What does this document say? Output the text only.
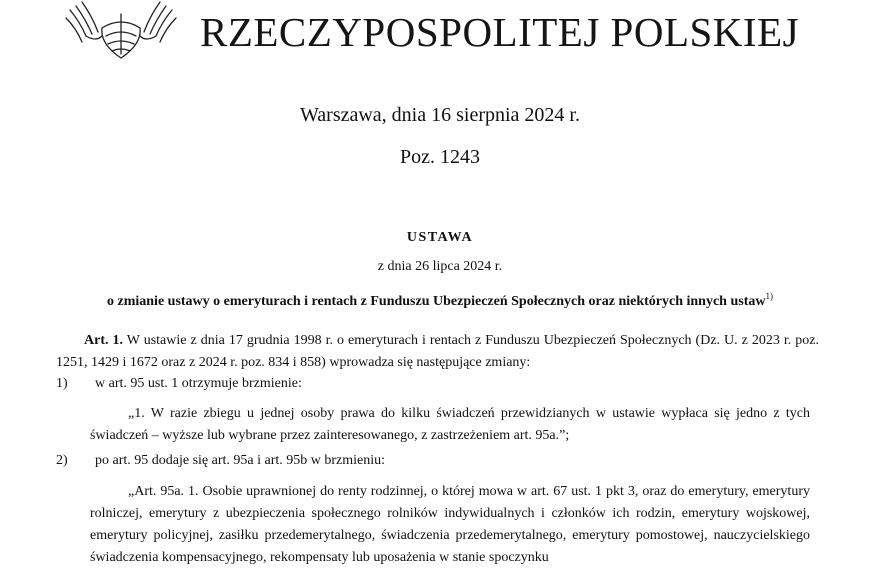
RZECZYPOSPOLITEJ POLSKIEJ
Warszawa, dnia 16 sierpnia 2024 r.
Poz. 1243
USTAWA
z dnia 26 lipca 2024 r.
o zmianie ustawy o emeryturach i rentach z Funduszu Ubezpieczeń Społecznych oraz niektórych innych ustaw$^{1)}$
Art. 1. W ustawie z dnia 17 grudnia 1998 r. o emeryturach i rentach z Funduszu Ubezpieczeń Społecznych (Dz. U. z 2023 r. poz. 1251, 1429 i 1672 oraz z 2024 r. poz. 834 i 858) wprowadza się następujące zmiany:
1) w art. 95 ust. 1 otrzymuje brzmienie:
„1. W razie zbiegu u jednej osoby prawa do kilku świadczeń przewidzianych w ustawie wypłaca się jedno z tych świadczeń – wyższe lub wybrane przez zainteresowanego, z zastrzeżeniem art. 95a.”;
2) po art. 95 dodaje się art. 95a i art. 95b w brzmieniu:
„Art. 95a. 1. Osobie uprawnionej do renty rodzinnej, o której mowa w art. 67 ust. 1 pkt 3, oraz do emerytury, emerytury rolniczej, emerytury z ubezpieczenia społecznego rolników indywidualnych i członków ich rodzin, emerytury wojskowej, emerytury policyjnej, zasiłku przedemerytalnego, świadczenia przedemerytalnego, emerytury pomostowej, nauczycielskiego świadczenia kompensacyjnego, rekompensaty lub uposażenia w stanie spoczynku
